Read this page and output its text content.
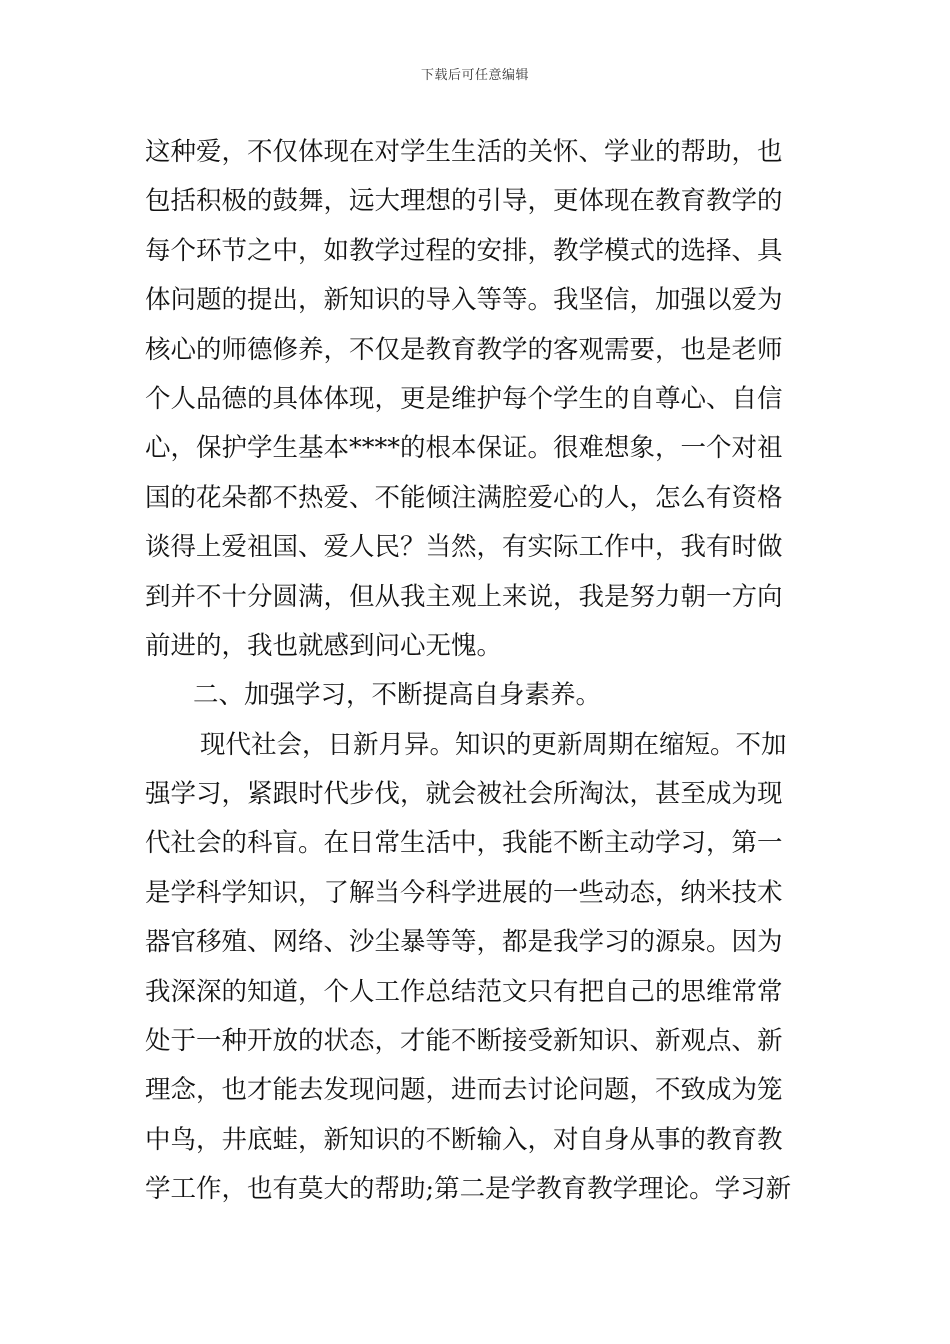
下载后可任意编辑
这种爱，不仅体现在对学生生活的关怀、学业的帮助，也
包括积极的鼓舞，远大理想的引导，更体现在教育教学的
每个环节之中，如教学过程的安排，教学模式的选择、具
体问题的提出，新知识的导入等等。我坚信，加强以爱为
核心的师德修养，不仅是教育教学的客观需要，也是老师
个人品德的具体体现，更是维护每个学生的自尊心、自信
心，保护学生基本****的根本保证。很难想象，一个对祖
国的花朵都不热爱、不能倾注满腔爱心的人，怎么有资格
谈得上爱祖国、爱人民？当然，有实际工作中，我有时做
到并不十分圆满，但从我主观上来说，我是努力朝一方向
前进的，我也就感到问心无愧。
二、加强学习，不断提高自身素养。
现代社会，日新月异。知识的更新周期在缩短。不加
强学习，紧跟时代步伐，就会被社会所淘汰，甚至成为现
代社会的科盲。在日常生活中，我能不断主动学习，第一
是学科学知识，了解当今科学进展的一些动态，纳米技术
器官移殖、网络、沙尘暴等等，都是我学习的源泉。因为
我深深的知道，个人工作总结范文只有把自己的思维常常
处于一种开放的状态，才能不断接受新知识、新观点、新
理念，也才能去发现问题，进而去讨论问题，不致成为笼
中鸟，井底蛙，新知识的不断输入，对自身从事的教育教
学工作，也有莫大的帮助;第二是学教育教学理论。学习新
